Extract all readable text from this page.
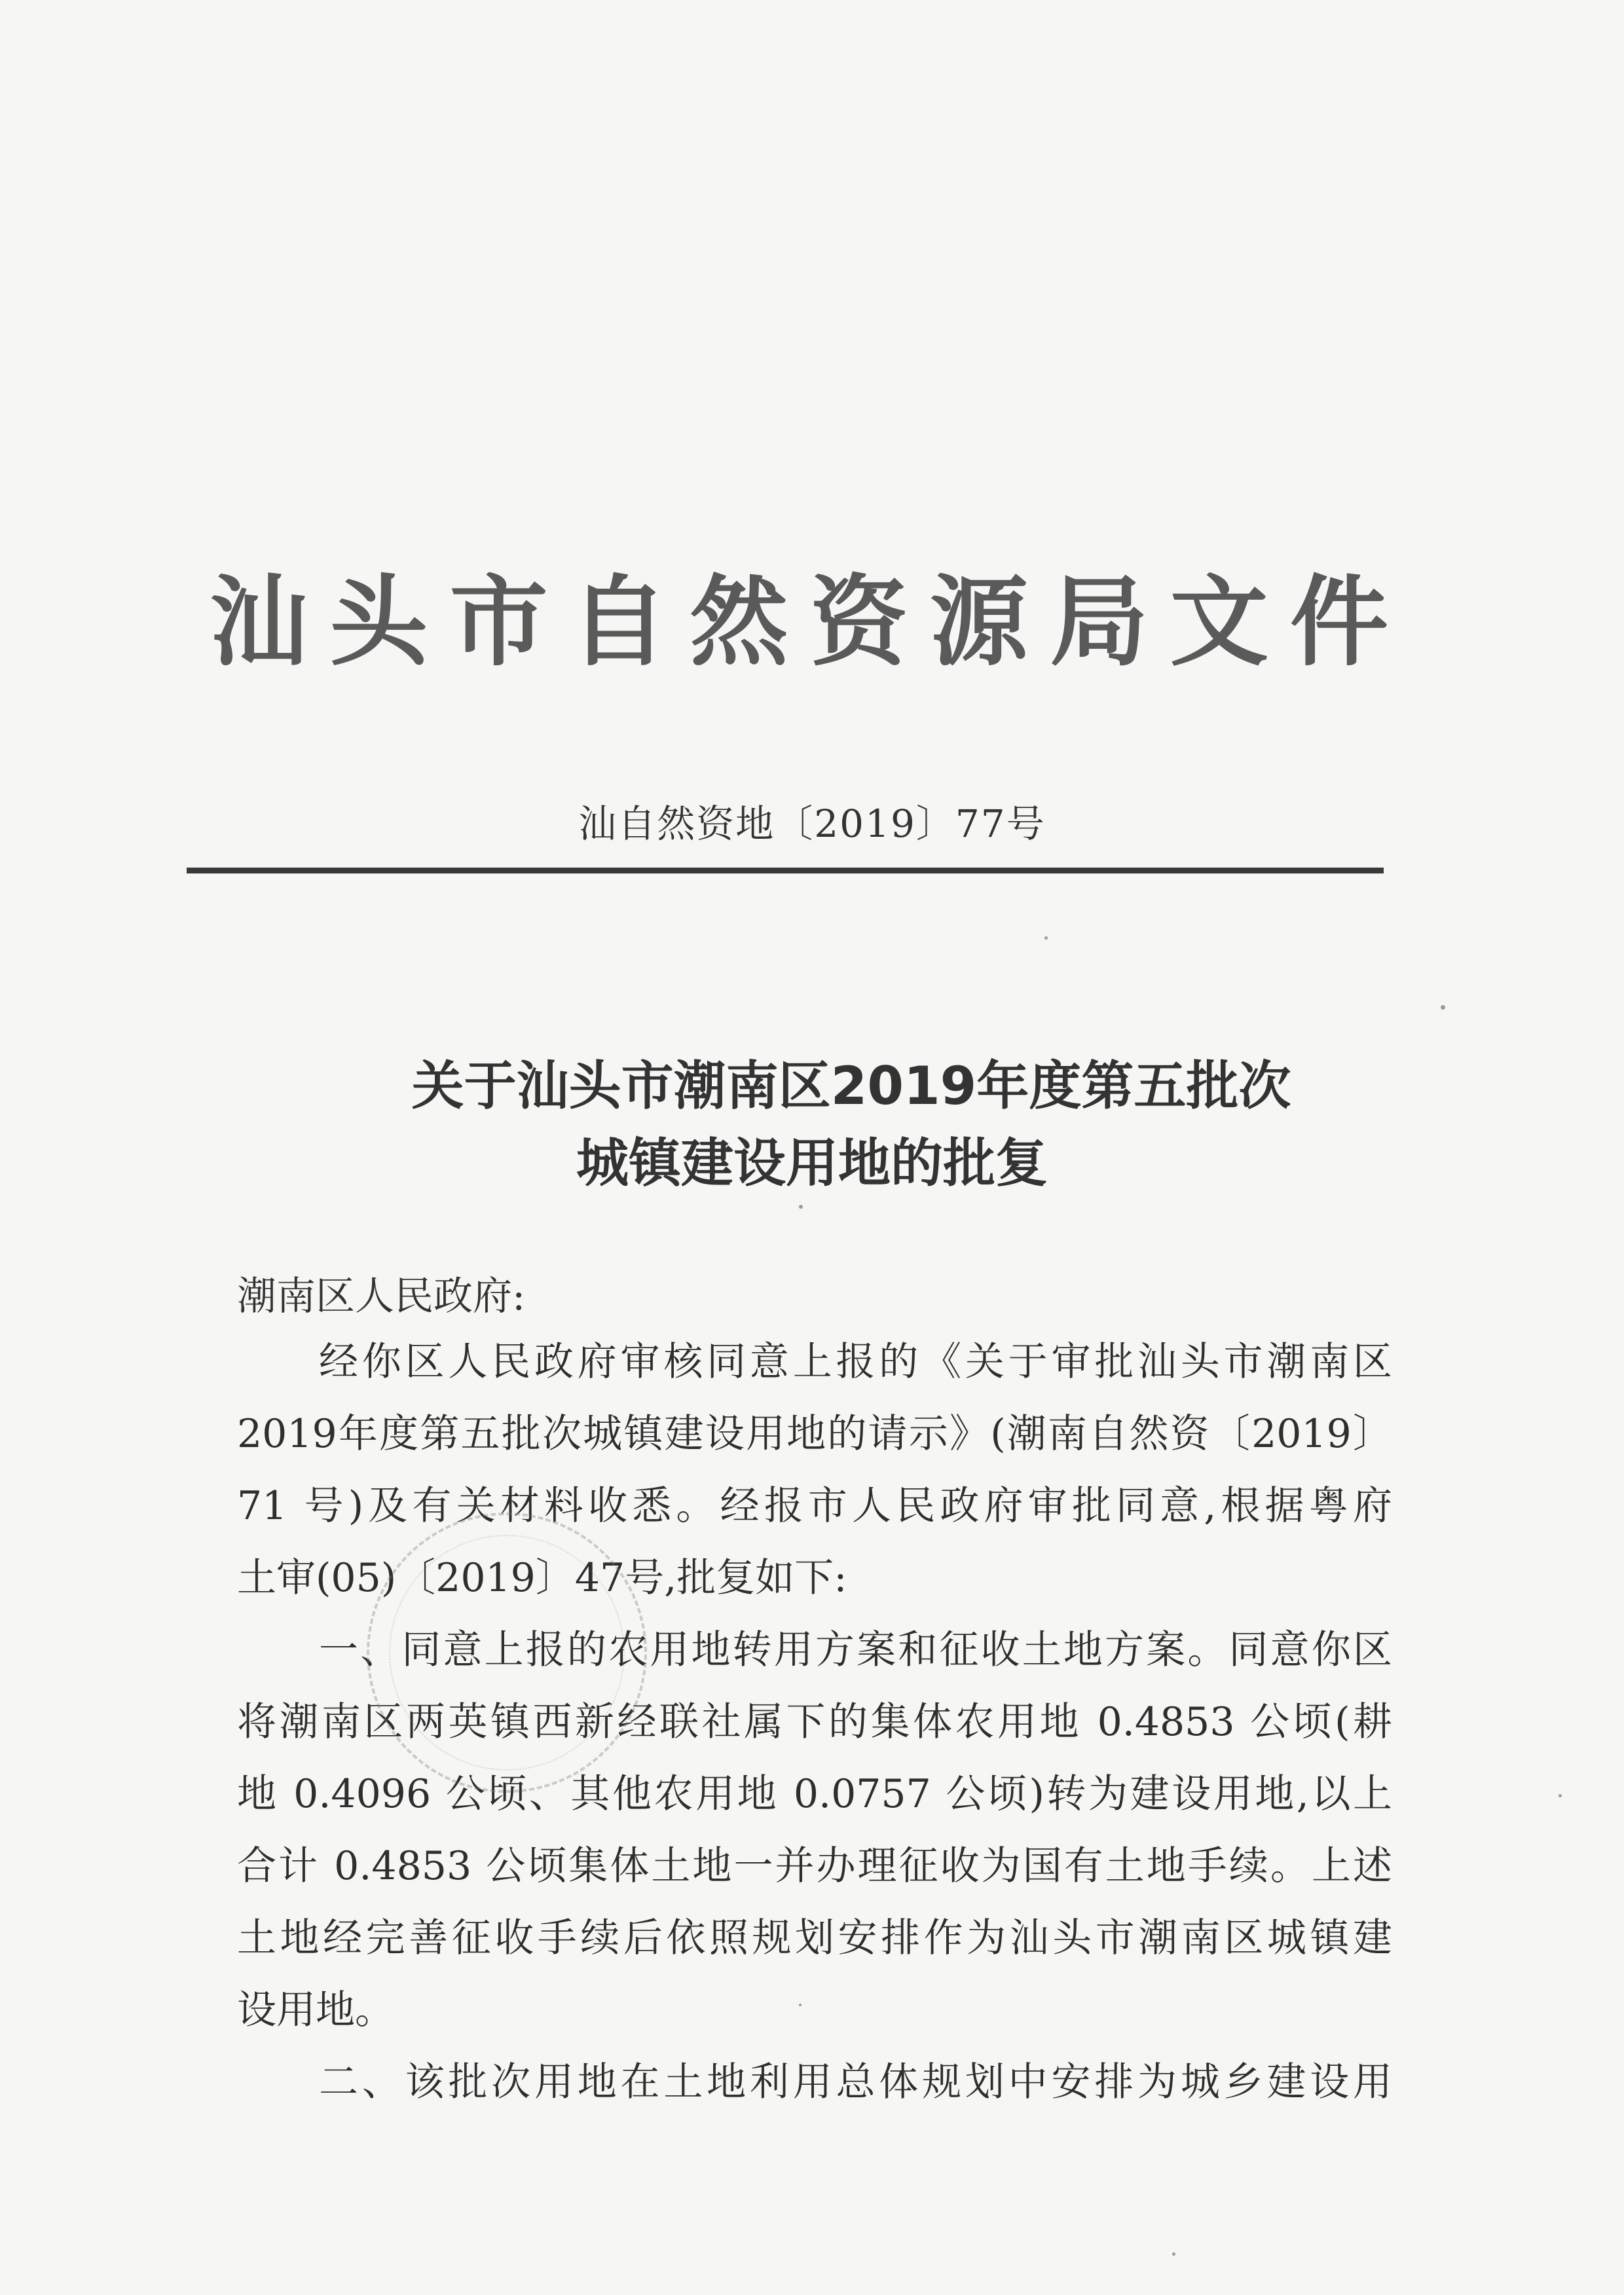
汕头市自然资源局文件
汕自然资地〔2019〕77号
关于汕头市潮南区2019年度第五批次
城镇建设用地的批复
潮南区人民政府:
经你区人民政府审核同意上报的《关于审批汕头市潮南区
2019年度第五批次城镇建设用地的请示》(潮南自然资〔2019〕
71 号)及有关材料收悉。经报市人民政府审批同意,根据粤府
土审(05)〔2019〕47号,批复如下:
一、同意上报的农用地转用方案和征收土地方案。同意你区
将潮南区两英镇西新经联社属下的集体农用地 0.4853 公顷(耕
地 0.4096 公顷、其他农用地 0.0757 公顷)转为建设用地,以上
合计 0.4853 公顷集体土地一并办理征收为国有土地手续。上述
土地经完善征收手续后依照规划安排作为汕头市潮南区城镇建
设用地。
二、该批次用地在土地利用总体规划中安排为城乡建设用
